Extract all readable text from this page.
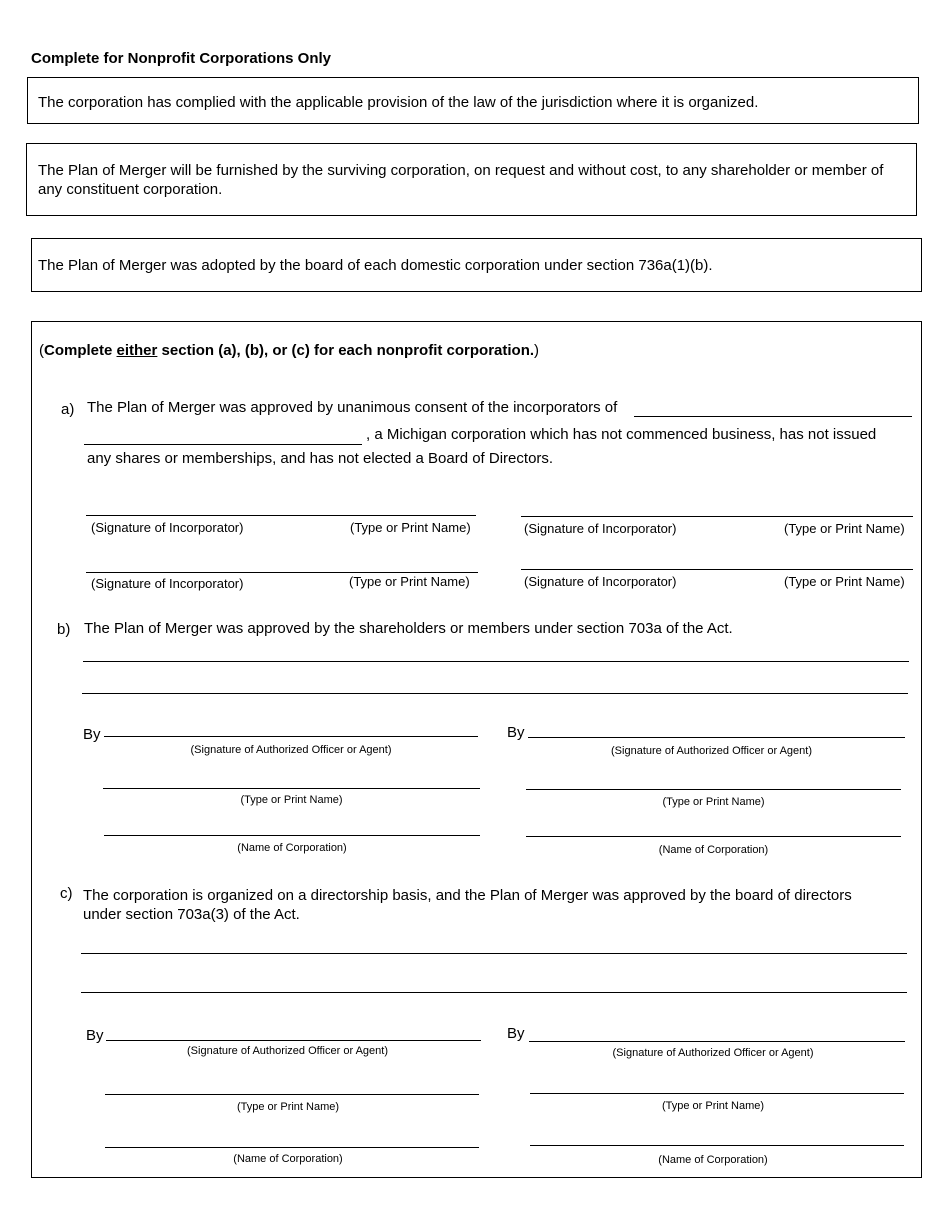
Complete for Nonprofit Corporations Only
The corporation has complied with the applicable provision of the law of the jurisdiction where it is organized.
The Plan of Merger will be furnished by the surviving corporation, on request and without cost, to any shareholder or member of
any constituent corporation.
The Plan of Merger was adopted by the board of each domestic corporation under section 736a(1)(b).
(Complete either section (a), (b), or (c) for each nonprofit corporation.)
a) The Plan of Merger was approved by unanimous consent of the incorporators of
, a Michigan corporation which has not commenced business, has not issued
any shares or memberships, and has not elected a Board of Directors.
(Signature of Incorporator)	(Type or Print Name)	(Signature of Incorporator)	(Type or Print Name)
(Signature of Incorporator)	(Type or Print Name)	(Signature of Incorporator)	(Type or Print Name)
b) The Plan of Merger was approved by the shareholders or members under section 703a of the Act.
By
(Signature of Authorized Officer or Agent)
(Type or Print Name)
(Name of Corporation)
By
(Signature of Authorized Officer or Agent)
(Type or Print Name)
(Name of Corporation)
c) The corporation is organized on a directorship basis, and the Plan of Merger was approved by the board of directors
under section 703a(3) of the Act.
By
(Signature of Authorized Officer or Agent)
(Type or Print Name)
(Name of Corporation)
By
(Signature of Authorized Officer or Agent)
(Type or Print Name)
(Name of Corporation)
